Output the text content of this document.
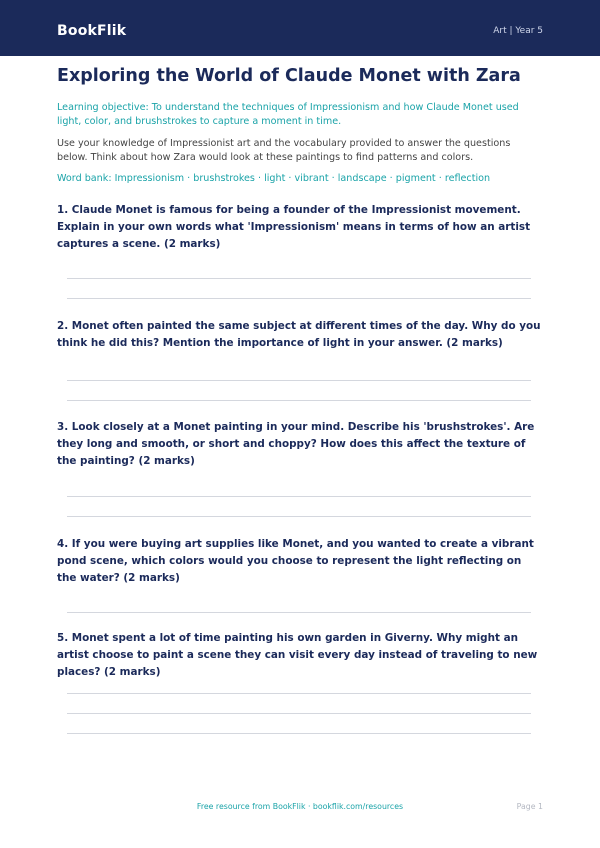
BookFlik	Art | Year 5
Exploring the World of Claude Monet with Zara

Learning objective: To understand the techniques of Impressionism and how Claude Monet used light, color, and brushstrokes to capture a moment in time.

Use your knowledge of Impressionist art and the vocabulary provided to answer the questions below. Think about how Zara would look at these paintings to find patterns and colors.

Word bank: Impressionism · brushstrokes · light · vibrant · landscape · pigment · reflection

1. Claude Monet is famous for being a founder of the Impressionist movement. Explain in your own words what 'Impressionism' means in terms of how an artist captures a scene. (2 marks)

2. Monet often painted the same subject at different times of the day. Why do you think he did this? Mention the importance of light in your answer. (2 marks)

3. Look closely at a Monet painting in your mind. Describe his 'brushstrokes'. Are they long and smooth, or short and choppy? How does this affect the texture of the painting? (2 marks)

4. If you were buying art supplies like Monet, and you wanted to create a vibrant pond scene, which colors would you choose to represent the light reflecting on the water? (2 marks)

5. Monet spent a lot of time painting his own garden in Giverny. Why might an artist choose to paint a scene they can visit every day instead of traveling to new places? (2 marks)

Free resource from BookFlik · bookflik.com/resources	Page 1
